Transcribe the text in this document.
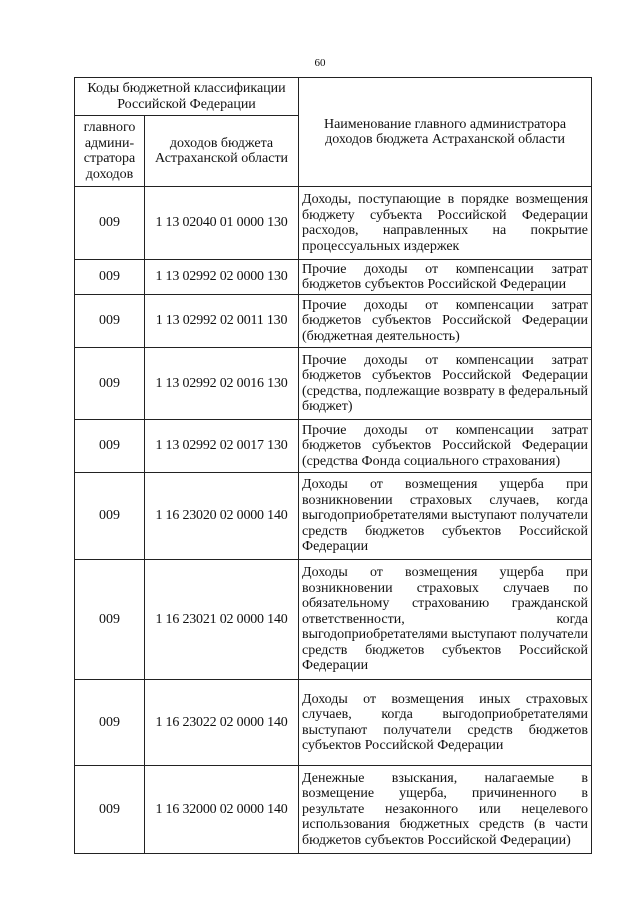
60
Коды бюджетной классификации Российской Федерации		Наименование главного администратора доходов бюджета Астраханской области
главного админи-стратора доходов	доходов бюджета Астраханской области	
009	1 13 02040 01 0000 130	Доходы, поступающие в порядке возмещения бюджету субъекта Российской Федерации расходов, направленных на покрытие процессуальных издержек
009	1 13 02992 02 0000 130	Прочие доходы от компенсации затрат бюджетов субъектов Российской Федерации
009	1 13 02992 02 0011 130	Прочие доходы от компенсации затрат бюджетов субъектов Российской Федерации (бюджетная деятельность)
009	1 13 02992 02 0016 130	Прочие доходы от компенсации затрат бюджетов субъектов Российской Федерации (средства, подлежащие возврату в федеральный бюджет)
009	1 13 02992 02 0017 130	Прочие доходы от компенсации затрат бюджетов субъектов Российской Федерации (средства Фонда социального страхования)
009	1 16 23020 02 0000 140	Доходы от возмещения ущерба при возникновении страховых случаев, когда выгодоприобретателями выступают получатели средств бюджетов субъектов Российской Федерации
009	1 16 23021 02 0000 140	Доходы от возмещения ущерба при возникновении страховых случаев по обязательному страхованию гражданской ответственности, когда выгодоприобретателями выступают получатели средств бюджетов субъектов Российской Федерации
009	1 16 23022 02 0000 140	Доходы от возмещения иных страховых случаев, когда выгодоприобретателями выступают получатели средств бюджетов субъектов Российской Федерации
009	1 16 32000 02 0000 140	Денежные взыскания, налагаемые в возмещение ущерба, причиненного в результате незаконного или нецелевого использования бюджетных средств (в части бюджетов субъектов Российской Федерации)
